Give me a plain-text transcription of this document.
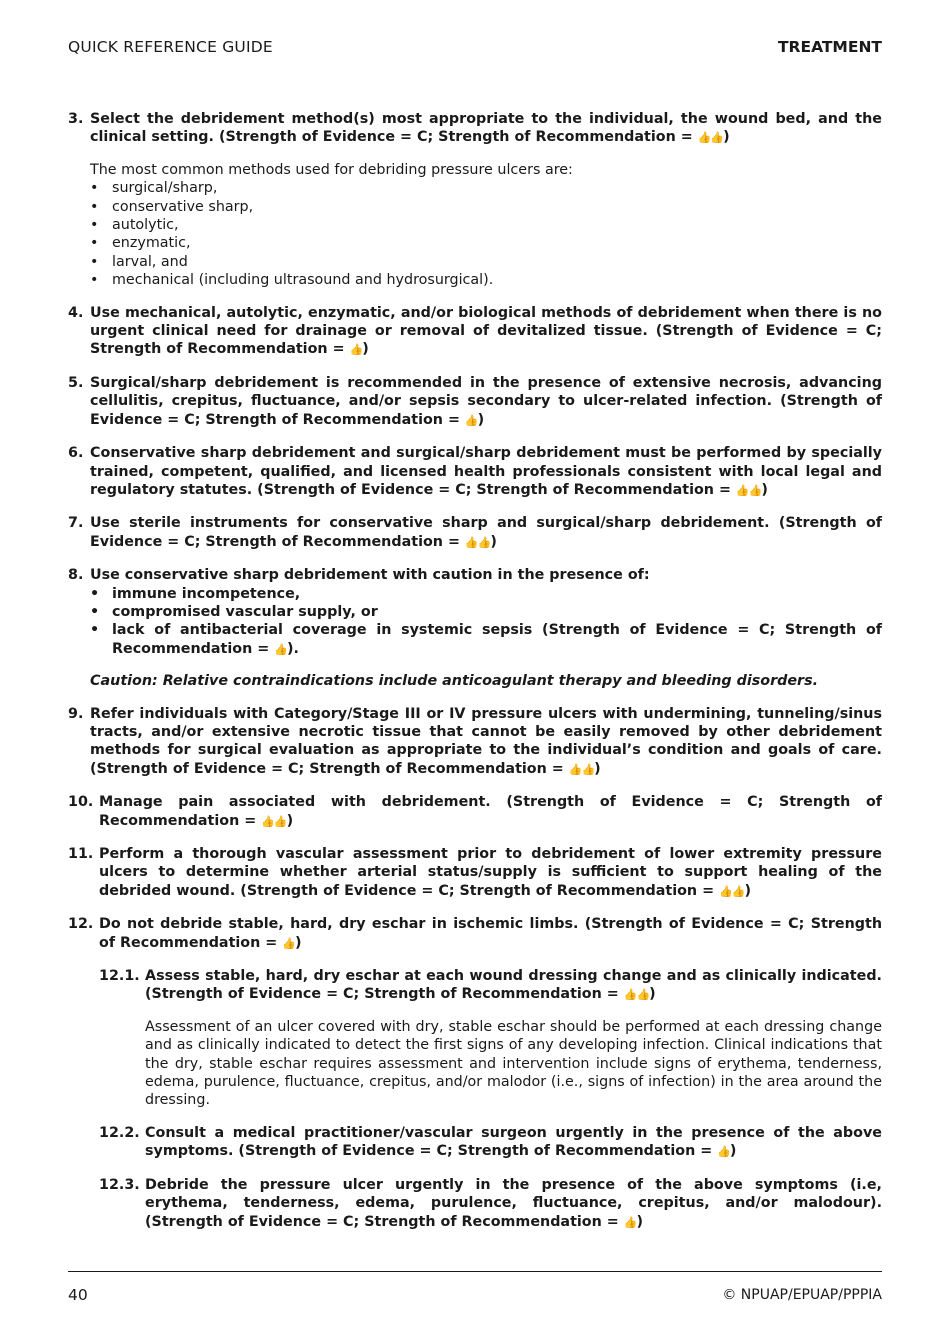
QUICK REFERENCE GUIDE	TREATMENT
3. Select the debridement method(s) most appropriate to the individual, the wound bed, and the clinical setting. (Strength of Evidence = C; Strength of Recommendation = 👍👍)
The most common methods used for debriding pressure ulcers are:
• surgical/sharp,
• conservative sharp,
• autolytic,
• enzymatic,
• larval, and
• mechanical (including ultrasound and hydrosurgical).
4. Use mechanical, autolytic, enzymatic, and/or biological methods of debridement when there is no urgent clinical need for drainage or removal of devitalized tissue. (Strength of Evidence = C; Strength of Recommendation = 👍)
5. Surgical/sharp debridement is recommended in the presence of extensive necrosis, advancing cellulitis, crepitus, fluctuance, and/or sepsis secondary to ulcer-related infection. (Strength of Evidence = C; Strength of Recommendation = 👍)
6. Conservative sharp debridement and surgical/sharp debridement must be performed by specially trained, competent, qualified, and licensed health professionals consistent with local legal and regulatory statutes. (Strength of Evidence = C; Strength of Recommendation = 👍👍)
7. Use sterile instruments for conservative sharp and surgical/sharp debridement. (Strength of Evidence = C; Strength of Recommendation = 👍👍)
8. Use conservative sharp debridement with caution in the presence of:
• immune incompetence,
• compromised vascular supply, or
• lack of antibacterial coverage in systemic sepsis (Strength of Evidence = C; Strength of Recommendation = 👍).
Caution: Relative contraindications include anticoagulant therapy and bleeding disorders.
9. Refer individuals with Category/Stage III or IV pressure ulcers with undermining, tunneling/sinus tracts, and/or extensive necrotic tissue that cannot be easily removed by other debridement methods for surgical evaluation as appropriate to the individual’s condition and goals of care. (Strength of Evidence = C; Strength of Recommendation = 👍👍)
10. Manage pain associated with debridement. (Strength of Evidence = C; Strength of Recommendation = 👍👍)
11. Perform a thorough vascular assessment prior to debridement of lower extremity pressure ulcers to determine whether arterial status/supply is sufficient to support healing of the debrided wound. (Strength of Evidence = C; Strength of Recommendation = 👍👍)
12. Do not debride stable, hard, dry eschar in ischemic limbs. (Strength of Evidence = C; Strength of Recommendation = 👍)
12.1. Assess stable, hard, dry eschar at each wound dressing change and as clinically indicated. (Strength of Evidence = C; Strength of Recommendation = 👍👍)
Assessment of an ulcer covered with dry, stable eschar should be performed at each dressing change and as clinically indicated to detect the first signs of any developing infection. Clinical indications that the dry, stable eschar requires assessment and intervention include signs of erythema, tenderness, edema, purulence, fluctuance, crepitus, and/or malodor (i.e., signs of infection) in the area around the dressing.
12.2. Consult a medical practitioner/vascular surgeon urgently in the presence of the above symptoms. (Strength of Evidence = C; Strength of Recommendation = 👍)
12.3. Debride the pressure ulcer urgently in the presence of the above symptoms (i.e, erythema, tenderness, edema, purulence, fluctuance, crepitus, and/or malodour). (Strength of Evidence = C; Strength of Recommendation = 👍)
40	© NPUAP/EPUAP/PPPIA
